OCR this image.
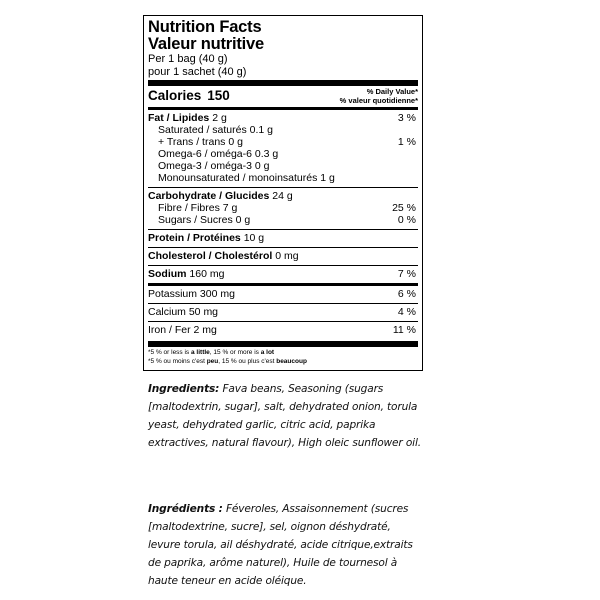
Nutrition Facts
Valeur nutritive
Per 1 bag (40 g)
pour 1 sachet (40 g)
Calories 150	% Daily Value*
% valeur quotidienne*
Fat / Lipides 2 g	3 %
Saturated / saturés 0.1 g
+ Trans / trans 0 g	1 %
Omega-6 / oméga-6 0.3 g
Omega-3 / oméga-3 0 g
Monounsaturated / monoinsaturés 1 g
Carbohydrate / Glucides 24 g
Fibre / Fibres 7 g	25 %
Sugars / Sucres 0 g	0 %
Protein / Protéines 10 g
Cholesterol / Cholestérol 0 mg
Sodium 160 mg	7 %
Potassium 300 mg	6 %
Calcium 50 mg	4 %
Iron / Fer 2 mg	11 %
*5 % or less is a little, 15 % or more is a lot
*5 % ou moins c'est peu, 15 % ou plus c'est beaucoup
Ingredients: Fava beans, Seasoning (sugars
[maltodextrin, sugar], salt, dehydrated onion, torula
yeast, dehydrated garlic, citric acid, paprika
extractives, natural flavour), High oleic sunflower oil.
Ingrédients : Féveroles, Assaisonnement (sucres
[maltodextrine, sucre], sel, oignon déshydraté,
levure torula, ail déshydraté, acide citrique,extraits
de paprika, arôme naturel), Huile de tournesol à
haute teneur en acide oléique.
